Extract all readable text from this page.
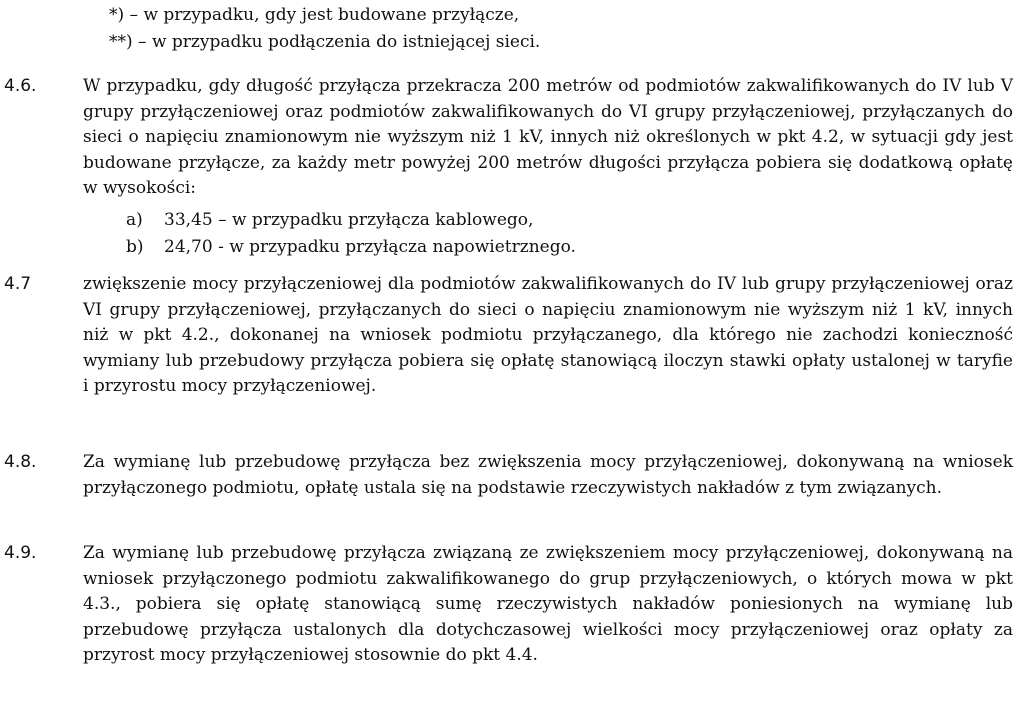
*) – w przypadku, gdy jest budowane przyłącze,
**) – w przypadku podłączenia do istniejącej sieci.
4.6.	W przypadku, gdy długość przyłącza przekracza 200 metrów od podmiotów zakwalifikowanych do IV lub V grupy przyłączeniowej oraz podmiotów zakwalifikowanych do VI grupy przyłączeniowej, przyłączanych do sieci o napięciu znamionowym nie wyższym niż 1 kV, innych niż określonych w pkt 4.2, w sytuacji gdy jest budowane przyłącze, za każdy metr powyżej 200 metrów długości przyłącza pobiera się dodatkową opłatę w wysokości:
a) 33,45 – w przypadku przyłącza kablowego,
b) 24,70 - w przypadku przyłącza napowietrznego.
4.7	zwiększenie mocy przyłączeniowej dla podmiotów zakwalifikowanych do IV lub grupy przyłączeniowej oraz VI grupy przyłączeniowej, przyłączanych do sieci o napięciu znamionowym nie wyższym niż 1 kV, innych niż w pkt 4.2., dokonanej na wniosek podmiotu przyłączanego, dla którego nie zachodzi konieczność wymiany lub przebudowy przyłącza pobiera się opłatę stanowiącą iloczyn stawki opłaty ustalonej w taryfie i przyrostu mocy przyłączeniowej.
4.8.	Za wymianę lub przebudowę przyłącza bez zwiększenia mocy przyłączeniowej, dokonywaną na wniosek przyłączonego podmiotu, opłatę ustala się na podstawie rzeczywistych nakładów z tym związanych.
4.9.	Za wymianę lub przebudowę przyłącza związaną ze zwiększeniem mocy przyłączeniowej, dokonywaną na wniosek przyłączonego podmiotu zakwalifikowanego do grup przyłączeniowych, o których mowa w pkt 4.3., pobiera się opłatę stanowiącą sumę rzeczywistych nakładów poniesionych na wymianę lub przebudowę przyłącza ustalonych dla dotychczasowej wielkości mocy przyłączeniowej oraz opłaty za przyrost mocy przyłączeniowej stosownie do pkt 4.4.
